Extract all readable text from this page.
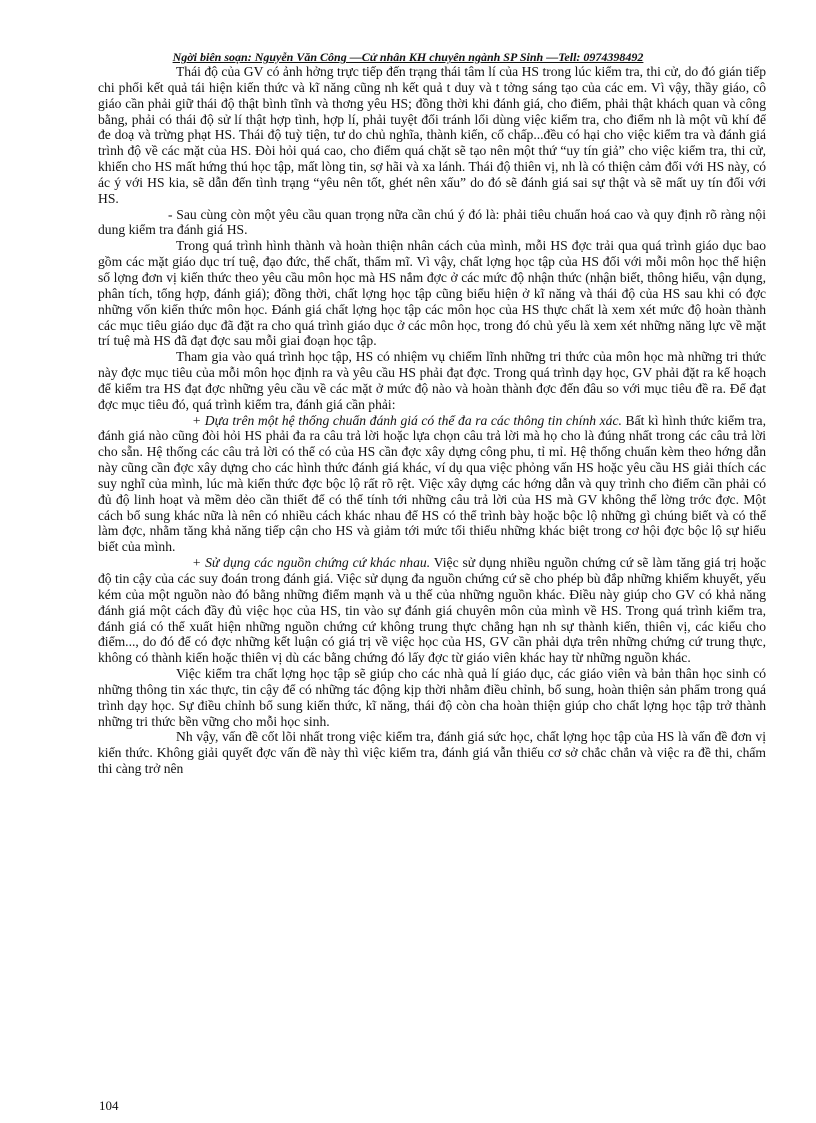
Ngời biên soạn: Nguyễn Văn Công —Cử nhân KH chuyên ngành SP Sinh —Tell: 0974398492

Thái độ của GV có ảnh hởng trực tiếp đến trạng thái tâm lí của HS trong lúc kiểm tra, thi cử, do đó gián tiếp chi phối kết quả tái hiện kiến thức và kĩ năng cũng nh kết quả t duy và t tởng sáng tạo của các em. Vì vậy, thầy giáo, cô giáo cần phải giữ thái độ thật bình tĩnh và thơng yêu HS; đồng thời khi đánh giá, cho điểm, phải thật khách quan và công bằng, phải có thái độ sử lí thật hợp tình, hợp lí, phải tuyệt đối tránh lối dùng việc kiểm tra, cho điểm nh là một vũ khí để đe doạ và trừng phạt HS. Thái độ tuỳ tiện, tư do chủ nghĩa, thành kiến, cố chấp...đều có hại cho việc kiểm tra và đánh giá trình độ về các mặt của HS. Đòi hỏi quá cao, cho điểm quá chặt sẽ tạo nên một thứ “uy tín giả” cho việc kiểm tra, thi cử, khiến cho HS mất hứng thú học tập, mất lòng tin, sợ hãi và xa lánh. Thái độ thiên vị, nh là có thiện cảm đối với HS này, có ác ý với HS kia, sẽ dẫn đến tình trạng “yêu nên tốt, ghét nên xấu” do đó sẽ đánh giá sai sự thật và sẽ mất uy tín đối với HS.

- Sau cùng còn một yêu cầu quan trọng nữa cần chú ý đó là: phải tiêu chuẩn hoá cao và quy định rõ ràng nội dung kiểm tra đánh giá HS.

Trong quá trình hình thành và hoàn thiện nhân cách của mình, mỗi HS đợc trải qua quá trình giáo dục bao gồm các mặt giáo dục trí tuệ, đạo đức, thể chất, thẩm mĩ. Vì vậy, chất lợng học tập của HS đối với mỗi môn học thể hiện số lợng đơn vị kiến thức theo yêu cầu môn học mà HS nắm đợc ở các mức độ nhận thức (nhận biết, thông hiểu, vận dụng, phân tích, tổng hợp, đánh giá); đồng thời, chất lợng học tập cũng biểu hiện ở kĩ năng và thái độ của HS sau khi có đợc những vốn kiến thức môn học. Đánh giá chất lợng học tập các môn học của HS thực chất là xem xét mức độ hoàn thành các mục tiêu giáo dục đã đặt ra cho quá trình giáo dục ở các môn học, trong đó chủ yếu là xem xét những năng lực về mặt trí tuệ mà HS đã đạt đợc sau mỗi giai đoạn học tập.

Tham gia vào quá trình học tập, HS có nhiệm vụ chiếm lĩnh những tri thức của môn học mà những tri thức này đợc mục tiêu của mỗi môn học định ra và yêu cầu HS phải đạt đợc. Trong quá trình dạy học, GV phải đặt ra kế hoạch để kiểm tra HS đạt đợc những yêu cầu về các mặt ở mức độ nào và hoàn thành đợc đến đâu so với mục tiêu đề ra. Để đạt đợc mục tiêu đó, quá trình kiểm tra, đánh giá cần phải:

+ Dựa trên một hệ thống chuẩn đánh giá có thể đa ra các thông tin chính xác. Bất kì hình thức kiểm tra, đánh giá nào cũng đòi hỏi HS phải đa ra câu trả lời hoặc lựa chọn câu trả lời mà họ cho là đúng nhất trong các câu trả lời cho sẵn. Hệ thống các câu trả lời có thể có của HS cần đợc xây dựng công phu, tỉ mỉ. Hệ thống chuẩn kèm theo hớng dẫn này cũng cần đợc xây dựng cho các hình thức đánh giá khác, ví dụ qua việc phỏng vấn HS hoặc yêu cầu HS giải thích các suy nghĩ của mình, lúc mà kiến thức đợc bộc lộ rất rõ rệt. Việc xây dựng các hớng dẫn và quy trình cho điểm cần phải có đủ độ linh hoạt và mềm dẻo cần thiết để có thể tính tới những câu trả lời của HS mà GV không thể lờng trớc đợc. Một cách bổ sung khác nữa là nên có nhiều cách khác nhau để HS có thể trình bày hoặc bộc lộ những gì chúng biết và có thể làm đợc, nhằm tăng khả năng tiếp cận cho HS và giảm tới mức tối thiểu những khác biệt trong cơ hội đợc bộc lộ sự hiểu biết của mình.

+ Sử dụng các nguồn chứng cứ khác nhau. Việc sử dụng nhiều nguồn chứng cứ sẽ làm tăng giá trị hoặc độ tin cậy của các suy đoán trong đánh giá. Việc sử dụng đa nguồn chứng cứ sẽ cho phép bù đắp những khiếm khuyết, yếu kém của một nguồn nào đó bằng những điểm mạnh và u thế của những nguồn khác. Điều này giúp cho GV có khả năng đánh giá một cách đầy đủ việc học của HS, tin vào sự đánh giá chuyên môn của mình về HS. Trong quá trình kiểm tra, đánh giá có thể xuất hiện những nguồn chứng cứ không trung thực chẳng hạn nh sự thành kiến, thiên vị, các kiểu cho điểm..., do đó để có đợc những kết luận có giá trị về việc học của HS, GV cần phải dựa trên những chứng cứ trung thực, không có thành kiến hoặc thiên vị dù các bằng chứng đó lấy đợc từ giáo viên khác hay từ những nguồn khác.

Việc kiểm tra chất lợng học tập sẽ giúp cho các nhà quả lí giáo dục, các giáo viên và bản thân học sinh có những thông tin xác thực, tin cậy để có những tác động kịp thời nhằm điều chỉnh, bổ sung, hoàn thiện sản phẩm trong quá trình dạy học. Sự điều chỉnh bổ sung kiến thức, kĩ năng, thái độ còn cha hoàn thiện giúp cho chất lợng học tập trở thành những tri thức bền vững cho mỗi học sinh.

Nh vậy, vấn đề cốt lõi nhất trong việc kiểm tra, đánh giá sức học, chất lợng học tập của HS là vấn đề đơn vị kiến thức. Không giải quyết đợc vấn đề này thì việc kiểm tra, đánh giá vẫn thiếu cơ sở chắc chắn và việc ra đề thi, chấm thi càng trở nên

104
